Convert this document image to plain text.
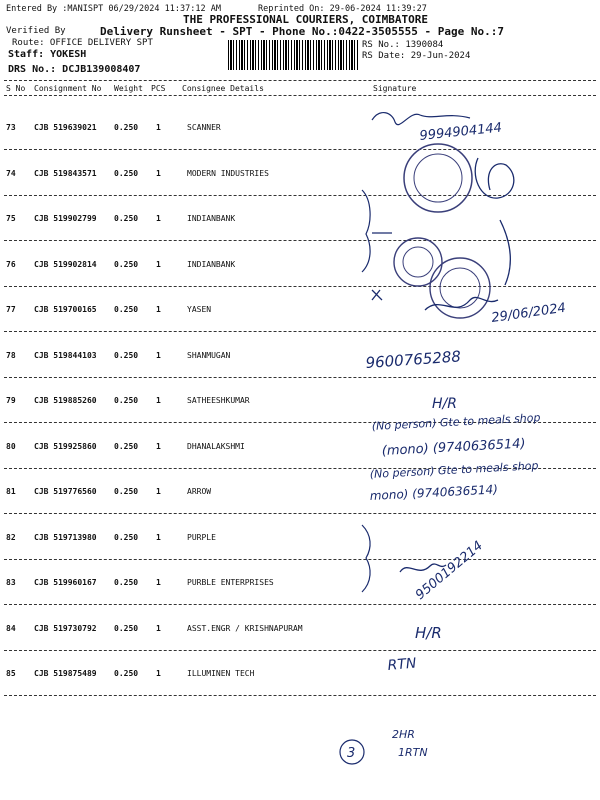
Entered By :MANISPT 06/29/2024 11:37:12 AM	Reprinted On: 29-06-2024 11:39:27
THE PROFESSIONAL COURIERS, COIMBATORE
Verified By	Delivery Runsheet - SPT - Phone No.:0422-3505555 - Page No.:7
Route: OFFICE DELIVERY SPT	RS No.: 1390084
Staff: YOKESH	RS Date: 29-Jun-2024
DRS No.: DCJB139008407
S No Consignment No Weight PCS Consignee Details	Signature
73 CJB 519639021 0.250 1	SCANNER
74 CJB 519843571 0.250 1	MODERN INDUSTRIES
75 CJB 519902799 0.250 1	INDIANBANK
76 CJB 519902814 0.250 1	INDIANBANK
77 CJB 519700165 0.250 1	YASEN
78 CJB 519844103 0.250 1	SHANMUGAN
79 CJB 519885260 0.250 1	SATHEESHKUMAR
80 CJB 519925860 0.250 1	DHANALAKSHMI
81 CJB 519776560 0.250 1	ARROW
82 CJB 519713980 0.250 1	PURPLE
83 CJB 519960167 0.250 1	PURBLE ENTERPRISES
84 CJB 519730792 0.250 1	ASST.ENGR / KRISHNAPURAM
85 CJB 519875489 0.250 1	ILLUMINEN TECH
9994904144
29/06/2024
9600765288
H/R
(No person) Gte to meals shop
(mono) (9740636514)
(No person) Gte to meals shop
mono) (9740636514)
9500192214
H/R
RTN
3
2HR
1RTN
